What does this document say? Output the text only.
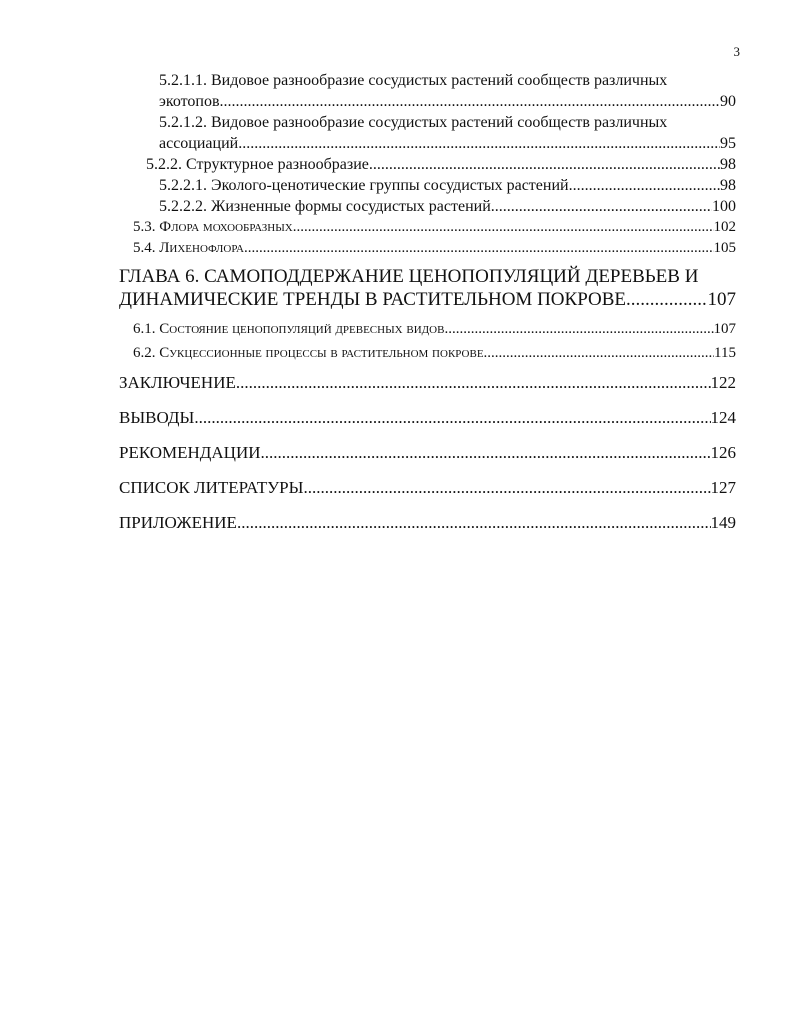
3
5.2.1.1. Видовое разнообразие сосудистых растений сообществ различных
экотопов .....	90
5.2.1.2. Видовое разнообразие сосудистых растений сообществ различных
ассоциаций .....	95
5.2.2. Структурное разнообразие .....	98
5.2.2.1. Эколого-ценотические группы сосудистых растений .....	98
5.2.2.2. Жизненные формы сосудистых растений .....	100
5.3. Флора мохообразных .....	102
5.4. Лихенофлора .....	105
ГЛАВА 6. САМОПОДДЕРЖАНИЕ ЦЕНОПОПУЛЯЦИЙ ДЕРЕВЬЕВ И
ДИНАМИЧЕСКИЕ ТРЕНДЫ В РАСТИТЕЛЬНОМ ПОКРОВЕ .....	107
6.1. Состояние ценопопуляций древесных видов .....	107
6.2. Сукцессионные процессы в растительном покрове .....	115
ЗАКЛЮЧЕНИЕ .....	122
ВЫВОДЫ .....	124
РЕКОМЕНДАЦИИ .....	126
СПИСОК ЛИТЕРАТУРЫ .....	127
ПРИЛОЖЕНИЕ .....	149
